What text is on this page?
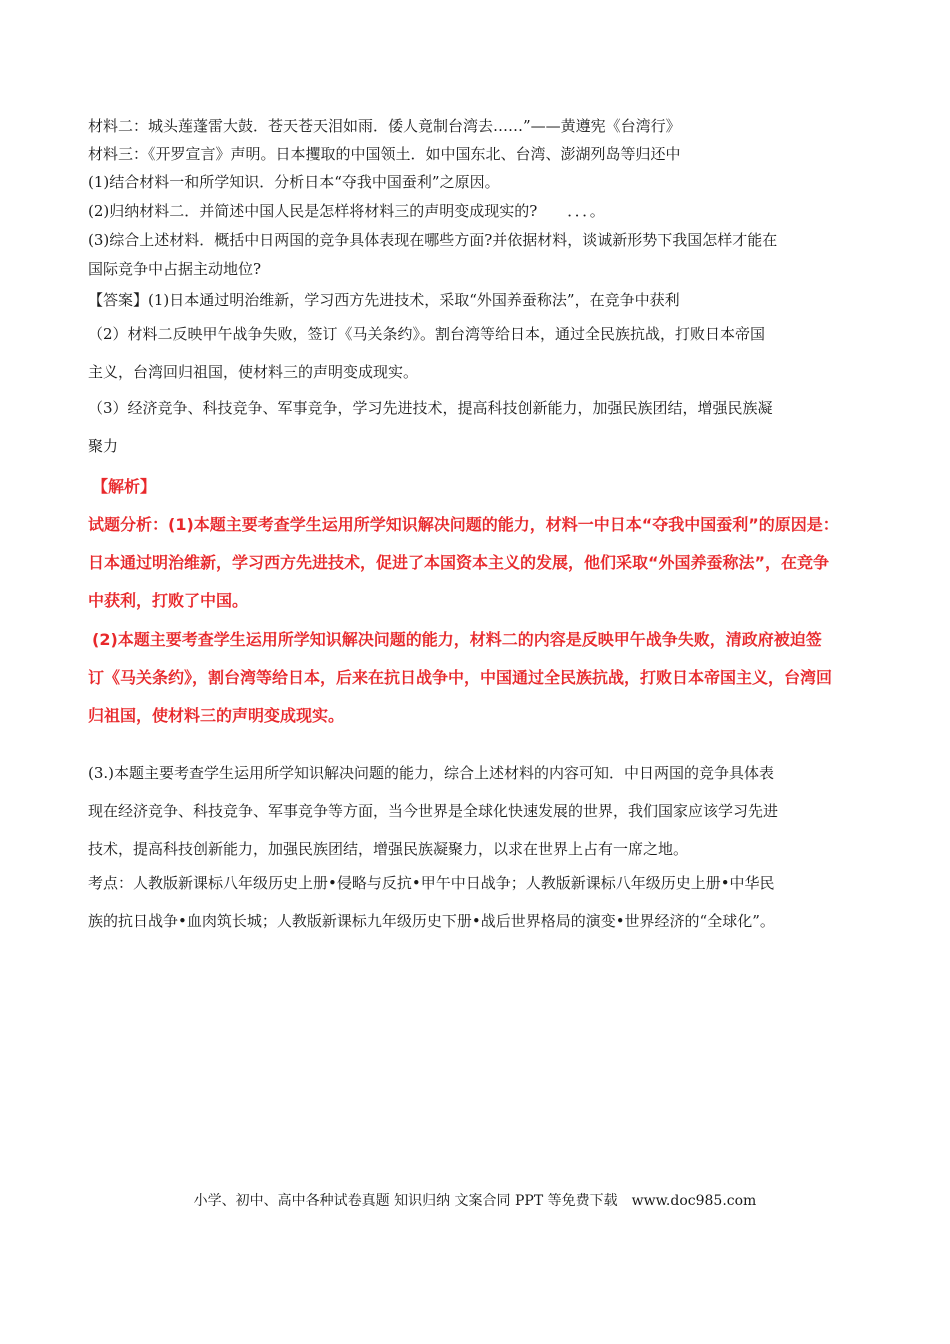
材料二：城头莲蓬雷大鼓．苍天苍天泪如雨．倭人竟制台湾去……”——黄遵宪《台湾行》
材料三：《开罗宣言》声明。日本攫取的中国领土．如中国东北、台湾、澎湖列岛等归还中
(1)结合材料一和所学知识．分析日本“夺我中国蚕利”之原因。
(2)归纳材料二．并简述中国人民是怎样将材料三的声明变成现实的?　　．．．。
(3)综合上述材料．概括中日两国的竞争具体表现在哪些方面?并依据材料，谈诚新形势下我国怎样才能在
国际竞争中占据主动地位?
【答案】(1)日本通过明治维新，学习西方先进技术，采取“外国养蚕称法”，在竞争中获利
（2）材料二反映甲午战争失败，签订《马关条约》。割台湾等给日本，通过全民族抗战，打败日本帝国
主义，台湾回归祖国，使材料三的声明变成现实。
（3）经济竞争、科技竞争、军事竞争，学习先进技术，提高科技创新能力，加强民族团结，增强民族凝
聚力
【解析】
试题分析：(1)本题主要考查学生运用所学知识解决问题的能力，材料一中日本“夺我中国蚕利”的原因是：
日本通过明治维新，学习西方先进技术，促进了本国资本主义的发展，他们采取“外国养蚕称法”，在竞争
中获利，打败了中国。
(2)本题主要考查学生运用所学知识解决问题的能力，材料二的内容是反映甲午战争失败，清政府被迫签
订《马关条约》，割台湾等给日本，后来在抗日战争中，中国通过全民族抗战，打败日本帝国主义，台湾回
归祖国，使材料三的声明变成现实。
(3.)本题主要考查学生运用所学知识解决问题的能力，综合上述材料的内容可知．中日两国的竞争具体表
现在经济竞争、科技竞争、军事竞争等方面，当今世界是全球化快速发展的世界，我们国家应该学习先进
技术，提高科技创新能力，加强民族团结，增强民族凝聚力，以求在世界上占有一席之地。
考点：人教版新课标八年级历史上册•侵略与反抗•甲午中日战争；人教版新课标八年级历史上册•中华民
族的抗日战争•血肉筑长城；人教版新课标九年级历史下册•战后世界格局的演变•世界经济的“全球化”。
小学、初中、高中各种试卷真题 知识归纳 文案合同 PPT 等免费下载　www.doc985.com
